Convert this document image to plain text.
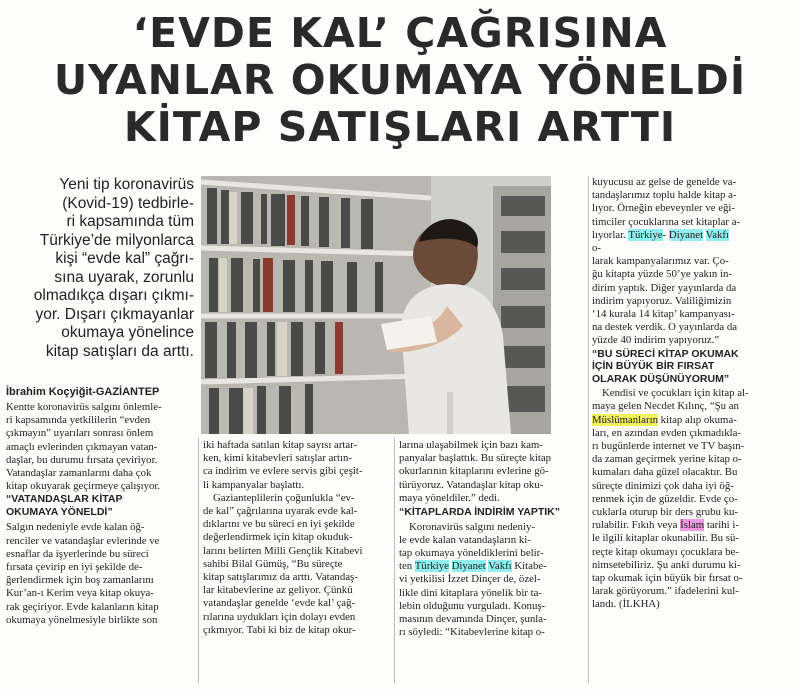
‘EVDE KAL’ ÇAĞRISINA
UYANLAR OKUMAYA YÖNELDİ
KİTAP SATIŞLARI ARTTI
Yeni tip koronavirüs
(Kovid-19) tedbirle-
ri kapsamında tüm
Türkiye’de milyonlarca
kişi “evde kal” çağrı-
sına uyarak, zorunlu
olmadıkça dışarı çıkmı-
yor. Dışarı çıkmayanlar
okumaya yönelince
kitap satışları da arttı.
İbrahim Koçyiğit-GAZİANTEP
Kentte koronavirüs salgını önlemle-
ri kapsamında yetkililerin “evden
çıkmayın” uyarıları sonrası önlem
amaçlı evlerinden çıkmayan vatan-
daşlar, bu durumu fırsata çeviriyor.
Vatandaşlar zamanlarını daha çok
kitap okuyarak geçirmeye çalışıyor.
“VATANDAŞLAR KİTAP
OKUMAYA YÖNELDİ”
Salgın nedeniyle evde kalan öğ-
renciler ve vatandaşlar evlerinde ve
esnaflar da işyerlerinde bu süreci
fırsata çevirip en iyi şekilde de-
ğerlendirmek için boş zamanlarını
Kur’an-ı Kerim veya kitap okuya-
rak geçiriyor. Evde kalanların kitap
okumaya yönelmesiyle birlikte son
iki haftada satılan kitap sayısı artar-
ken, kimi kitabevleri satışlar artın-
ca indirim ve evlere servis gibi çeşit-
li kampanyalar başlattı.
Gazianteplilerin çoğunlukla “ev-
de kal” çağrılarına uyarak evde kal-
dıklarını ve bu süreci en iyi şekilde
değerlendirmek için kitap okuduk-
larını belirten Milli Gençlik Kitabevi
sahibi Bilal Gümüş, “Bu süreçte
kitap satışlarımız da arttı. Vatandaş-
lar kitabevlerine az geliyor. Çünkü
vatandaşlar genelde ‘evde kal’ çağ-
rılarına uydukları için dolayı evden
çıkmıyor. Tabi ki biz de kitap okur-
larına ulaşabilmek için bazı kam-
panyalar başlattık. Bu süreçte kitap
okurlarının kitaplarını evlerine gö-
türüyoruz. Vatandaşlar kitap oku-
maya yöneldiler.” dedi.
“KİTAPLARDA İNDİRİM YAPTIK”
Koronavirüs salgını nedeniy-
le evde kalan vatandaşların ki-
tap okumaya yöneldiklerini belir-
ten Türkiye Diyanet Vakfı Kitabe-
vi yetkilisi İzzet Dinçer de, özel-
likle dini kitaplara yönelik bir ta-
lebin olduğunu vurguladı. Konuş-
masının devamında Dinçer, şunla-
rı söyledi: “Kitabevlerine kitap o-
kuyucusu az gelse de genelde va-
tandaşlarımız toplu halde kitap a-
lıyor. Örneğin ebeveynler ve eği-
timciler çocuklarına set kitaplar a-
lıyorlar. Türkiye- Diyanet Vakfı
o-
larak kampanyalarımız var. Ço-
ğu kitapta yüzde 50’ye yakın in-
dirim yaptık. Diğer yayınlarda da
indirim yapıyoruz. Valiliğimizin
‘14 kurala 14 kitap’ kampanyası-
na destek verdik. O yayınlarda da
yüzde 40 indirim yapıyoruz.”
“BU SÜRECİ KİTAP OKUMAK
İÇİN BÜYÜK BİR FIRSAT
OLARAK DÜŞÜNÜYORUM”
Kendisi ve çocukları için kitap al-
maya gelen Necdet Kılınç, “Şu an
Müslümanların kitap alıp okuma-
ları, en azından evden çıkmadıkla-
rı bugünlerde internet ve TV başın-
da zaman geçirmek yerine kitap o-
kumaları daha güzel olacaktır. Bu
süreçte dinimizi çok daha iyi öğ-
renmek için de güzeldir. Evde ço-
cuklarla oturup bir ders grubu ku-
rulabilir. Fıkıh veya İslam tarihi i-
le ilgili kitaplar okunabilir. Bu sü-
reçte kitap okumayı çocuklara be-
nimsetebiliriz. Şu anki durumu ki-
tap okumak için büyük bir fırsat o-
larak görüyorum.” ifadelerini kul-
landı. (İLKHA)
